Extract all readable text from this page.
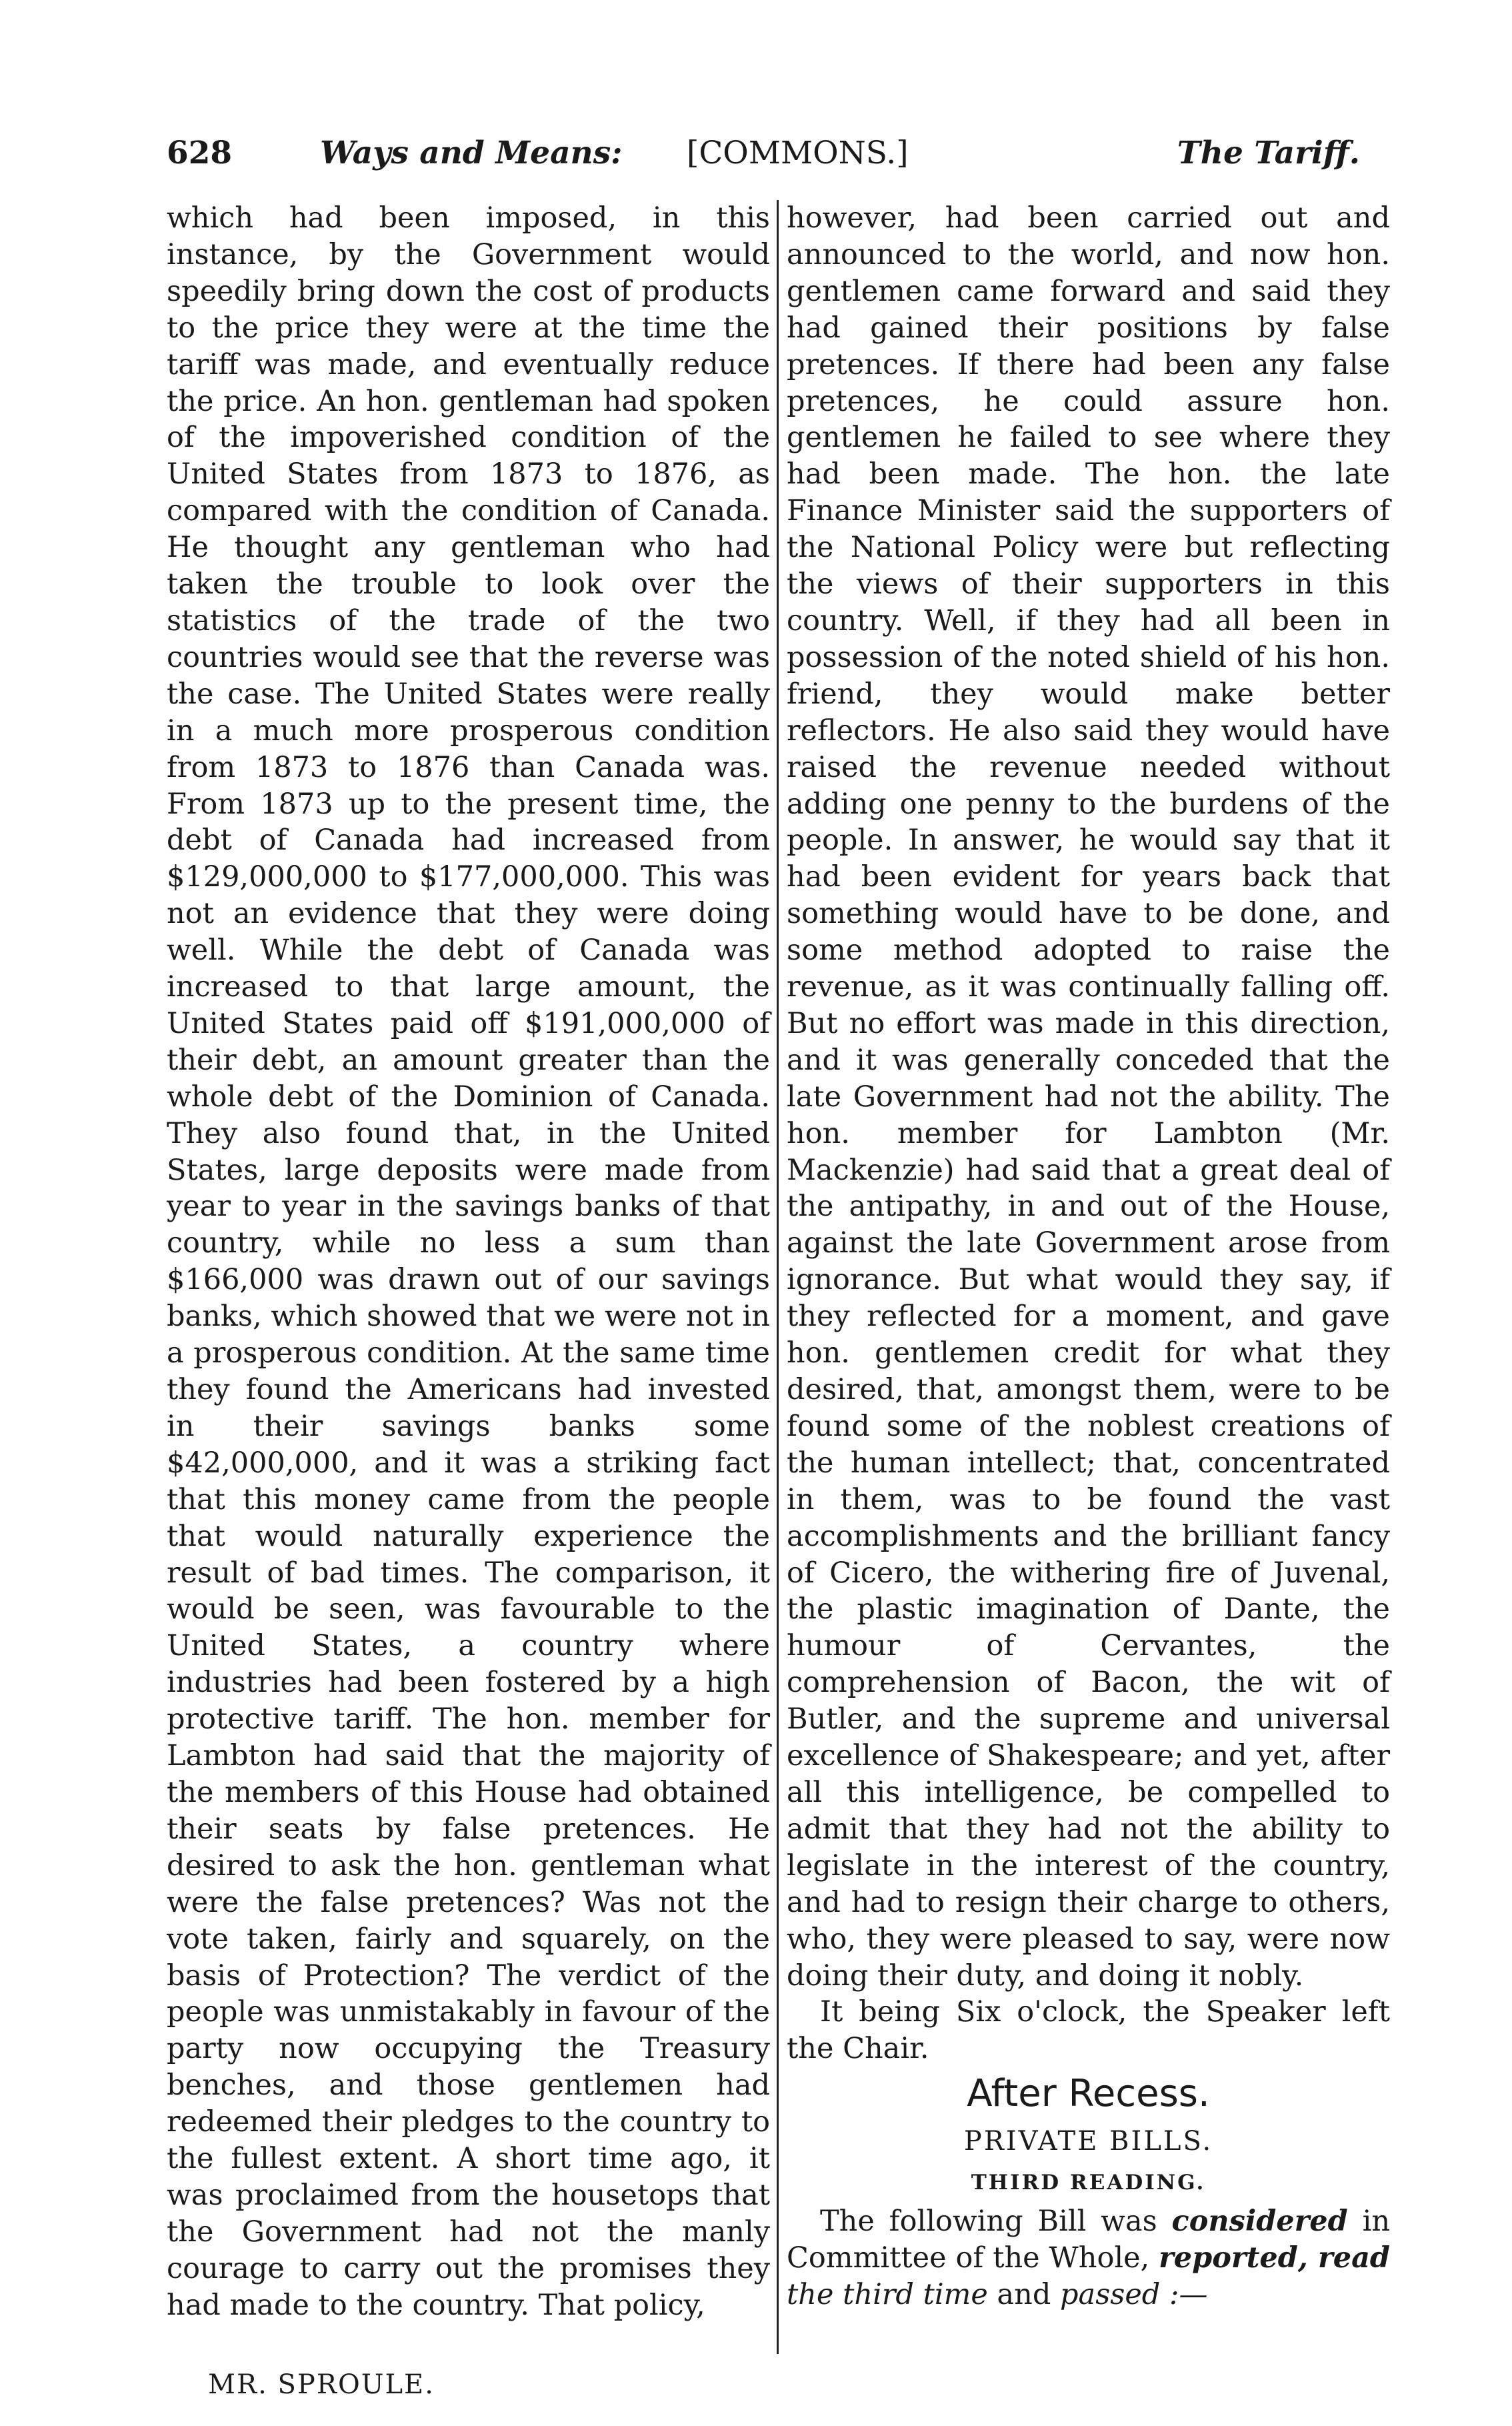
628	Ways and Means: [COMMONS.]	The Tariff.

which had been imposed, in this instance, by the Government would speedily bring down the cost of products to the price they were at the time the tariff was made, and eventually reduce the price. An hon. gentleman had spoken of the impoverished condition of the United States from 1873 to 1876, as compared with the condition of Canada. He thought any gentleman who had taken the trouble to look over the statistics of the trade of the two countries would see that the reverse was the case. The United States were really in a much more prosperous condition from 1873 to 1876 than Canada was. From 1873 up to the present time, the debt of Canada had increased from $129,000,000 to $177,000,000. This was not an evidence that they were doing well. While the debt of Canada was increased to that large amount, the United States paid off $191,000,000 of their debt, an amount greater than the whole debt of the Dominion of Canada. They also found that, in the United States, large deposits were made from year to year in the savings banks of that country, while no less a sum than $166,000 was drawn out of our savings banks, which showed that we were not in a prosperous condition. At the same time they found the Americans had invested in their savings banks some $42,000,000, and it was a striking fact that this money came from the people that would naturally experience the result of bad times. The comparison, it would be seen, was favourable to the United States, a country where industries had been fostered by a high protective tariff. The hon. member for Lambton had said that the majority of the members of this House had obtained their seats by false pretences. He desired to ask the hon. gentleman what were the false pretences? Was not the vote taken, fairly and squarely, on the basis of Protection? The verdict of the people was unmistakably in favour of the party now occupying the Treasury benches, and those gentlemen had redeemed their pledges to the country to the fullest extent. A short time ago, it was proclaimed from the housetops that the Government had not the manly courage to carry out the promises they had made to the country. That policy,

however, had been carried out and announced to the world, and now hon. gentlemen came forward and said they had gained their positions by false pretences. If there had been any false pretences, he could assure hon. gentlemen he failed to see where they had been made. The hon. the late Finance Minister said the supporters of the National Policy were but reflecting the views of their supporters in this country. Well, if they had all been in possession of the noted shield of his hon. friend, they would make better reflectors. He also said they would have raised the revenue needed without adding one penny to the burdens of the people. In answer, he would say that it had been evident for years back that something would have to be done, and some method adopted to raise the revenue, as it was continually falling off. But no effort was made in this direction, and it was generally conceded that the late Government had not the ability. The hon. member for Lambton (Mr. Mackenzie) had said that a great deal of the antipathy, in and out of the House, against the late Government arose from ignorance. But what would they say, if they reflected for a moment, and gave hon. gentlemen credit for what they desired, that, amongst them, were to be found some of the noblest creations of the human intellect; that, concentrated in them, was to be found the vast accomplishments and the brilliant fancy of Cicero, the withering fire of Juvenal, the plastic imagination of Dante, the humour of Cervantes, the comprehension of Bacon, the wit of Butler, and the supreme and universal excellence of Shakespeare; and yet, after all this intelligence, be compelled to admit that they had not the ability to legislate in the interest of the country, and had to resign their charge to others, who, they were pleased to say, were now doing their duty, and doing it nobly.

It being Six o'clock, the Speaker left the Chair.

After Recess.

PRIVATE BILLS.

THIRD READING.

The following Bill was considered in Committee of the Whole, reported, read the third time and passed :—

MR. SPROULE.
